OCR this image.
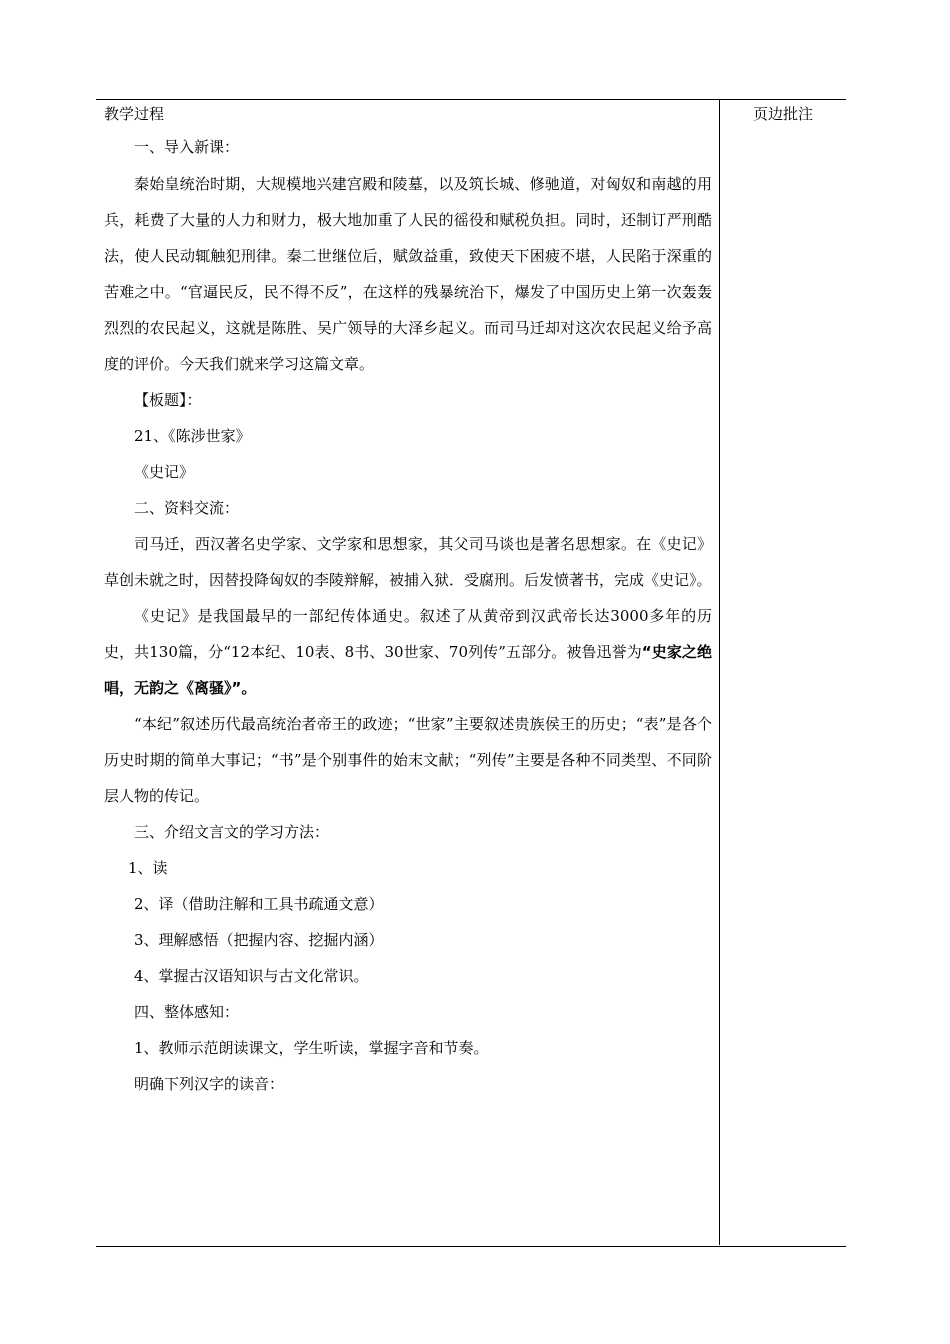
教学过程
一、导入新课：

秦始皇统治时期，大规模地兴建宫殿和陵墓，以及筑长城、修驰道，对匈奴和南越的用兵，耗费了大量的人力和财力，极大地加重了人民的徭役和赋税负担。同时，还制订严刑酷法，使人民动辄触犯刑律。秦二世继位后，赋敛益重，致使天下困疲不堪，人民陷于深重的苦难之中。“官逼民反，民不得不反”，在这样的残暴统治下，爆发了中国历史上第一次轰轰烈烈的农民起义，这就是陈胜、吴广领导的大泽乡起义。而司马迁却对这次农民起义给予高度的评价。今天我们就来学习这篇文章。

【板题】：
21、《陈涉世家》
《史记》
二、资料交流：

司马迁，西汉著名史学家、文学家和思想家，其父司马谈也是著名思想家。在《史记》草创未就之时，因替投降匈奴的李陵辩解，被捕入狱．受腐刑。后发愤著书，完成《史记》。

《史记》是我国最早的一部纪传体通史。叙述了从黄帝到汉武帝长达3000多年的历史，共130篇，分“12本纪、10表、8书、30世家、70列传”五部分。被鲁迅誉为“史家之绝唱，无韵之《离骚》”。

“本纪”叙述历代最高统治者帝王的政迹；“世家”主要叙述贵族侯王的历史；“表”是各个历史时期的简单大事记；“书”是个别事件的始末文献；“列传”主要是各种不同类型、不同阶层人物的传记。

三、介绍文言文的学习方法：
1、读
2、译（借助注解和工具书疏通文意）
3、理解感悟（把握内容、挖掘内涵）
4、掌握古汉语知识与古文化常识。
四、整体感知：
1、教师示范朗读课文，学生听读，掌握字音和节奏。
明确下列汉字的读音：
页边批注
